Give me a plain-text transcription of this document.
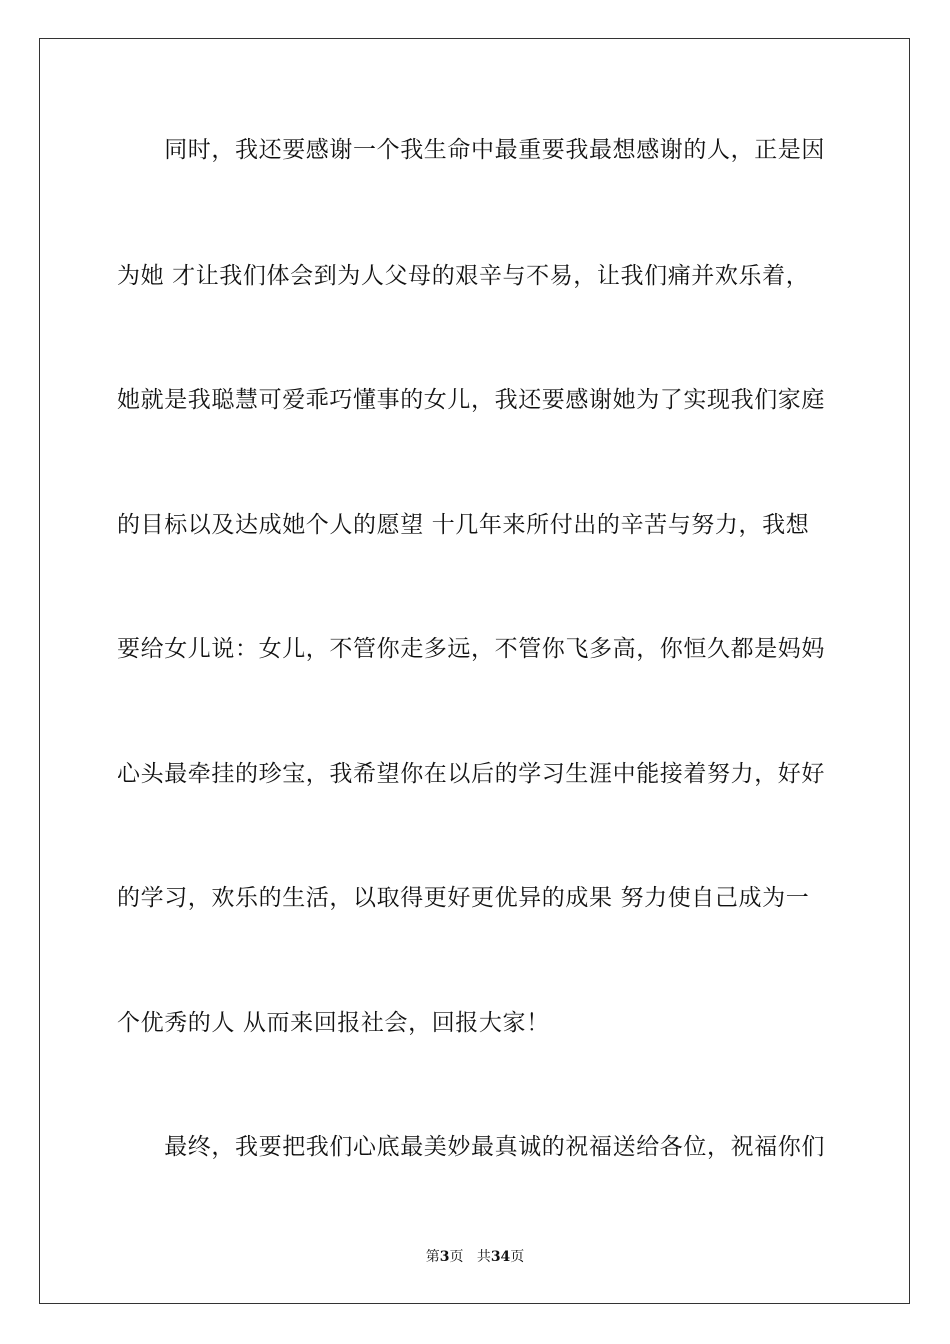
　　同时，我还要感谢一个我生命中最重要我最想感谢的人，正是因
为她 才让我们体会到为人父母的艰辛与不易，让我们痛并欢乐着，
她就是我聪慧可爱乖巧懂事的女儿，我还要感谢她为了实现我们家庭
的目标以及达成她个人的愿望 十几年来所付出的辛苦与努力，我想
要给女儿说：女儿，不管你走多远，不管你飞多高，你恒久都是妈妈
心头最牵挂的珍宝，我希望你在以后的学习生涯中能接着努力，好好
的学习，欢乐的生活，以取得更好更优异的成果 努力使自己成为一
个优秀的人 从而来回报社会，回报大家！
　　最终，我要把我们心底最美妙最真诚的祝福送给各位，祝福你们
第3页 共34页
